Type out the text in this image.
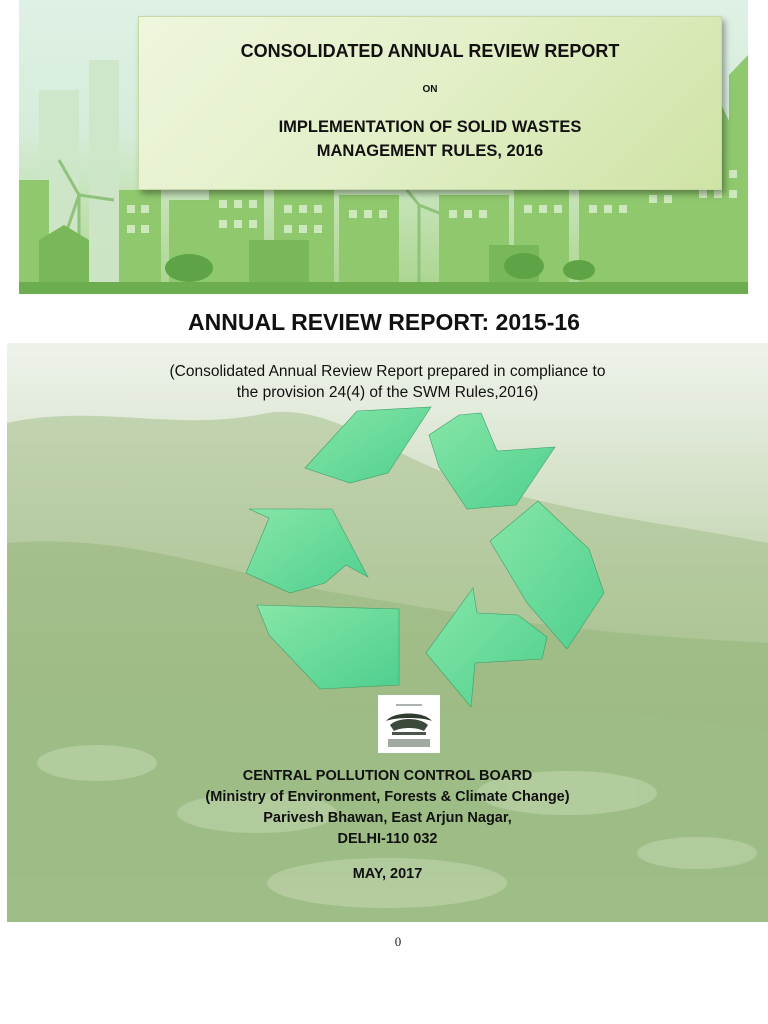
CONSOLIDATED ANNUAL REVIEW REPORT
ON
IMPLEMENTATION OF SOLID WASTES
MANAGEMENT RULES, 2016
ANNUAL REVIEW REPORT: 2015-16
(Consolidated Annual Review Report prepared in compliance to
the provision 24(4) of the SWM Rules,2016)
CENTRAL POLLUTION CONTROL BOARD
(Ministry of Environment, Forests & Climate Change)
Parivesh Bhawan, East Arjun Nagar,
DELHI-110 032
MAY, 2017
0
